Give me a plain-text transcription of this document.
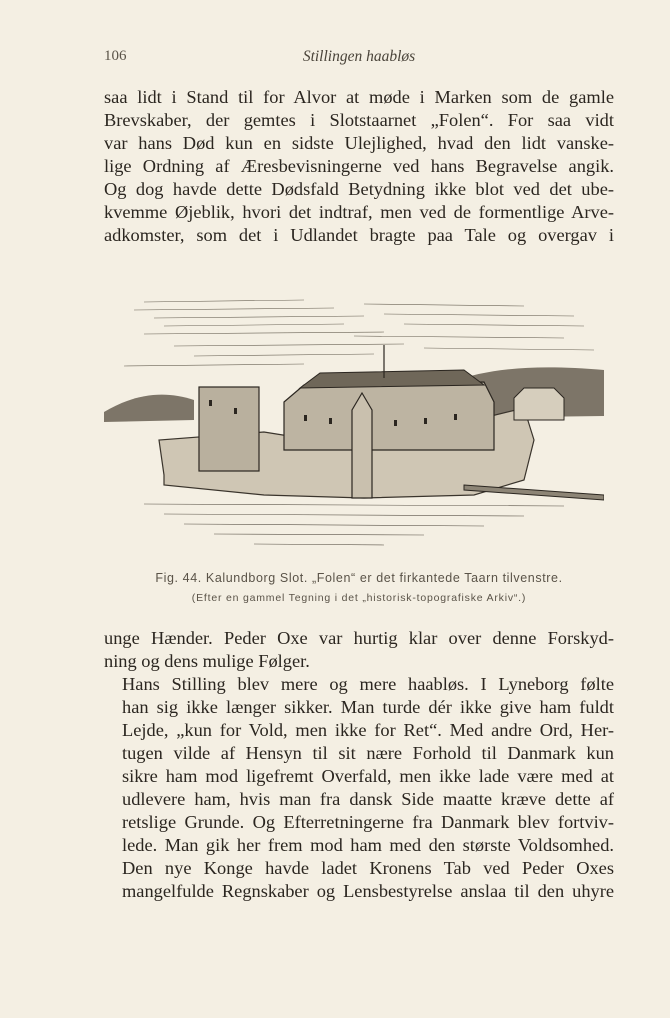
106	Stillingen haabløs

saa lidt i Stand til for Alvor at møde i Marken som de gamle
Brevskaber, der gemtes i Slotstaarnet „Folen“. For saa vidt
var hans Død kun en sidste Ulejlighed, hvad den lidt vanske-
lige Ordning af Æresbevisningerne ved hans Begravelse angik.
Og dog havde dette Dødsfald Betydning ikke blot ved det ube-
kvemme Øjeblik, hvori det indtraf, men ved de formentlige Arve-
adkomster, som det i Udlandet bragte paa Tale og overgav i

Fig. 44. Kalundborg Slot. „Folen“ er det firkantede Taarn tilvenstre.
(Efter en gammel Tegning i det „historisk-topografiske Arkiv“.)

unge Hænder. Peder Oxe var hurtig klar over denne Forskyd-
ning og dens mulige Følger.

Hans Stilling blev mere og mere haabløs. I Lyneborg følte
han sig ikke længer sikker. Man turde dér ikke give ham fuldt
Lejde, „kun for Vold, men ikke for Ret“. Med andre Ord, Her-
tugen vilde af Hensyn til sit nære Forhold til Danmark kun
sikre ham mod ligefremt Overfald, men ikke lade være med at
udlevere ham, hvis man fra dansk Side maatte kræve dette af
retslige Grunde. Og Efterretningerne fra Danmark blev fortviv-
lede. Man gik her frem mod ham med den største Voldsomhed.
Den nye Konge havde ladet Kronens Tab ved Peder Oxes
mangelfulde Regnskaber og Lensbestyrelse anslaa til den uhyre
